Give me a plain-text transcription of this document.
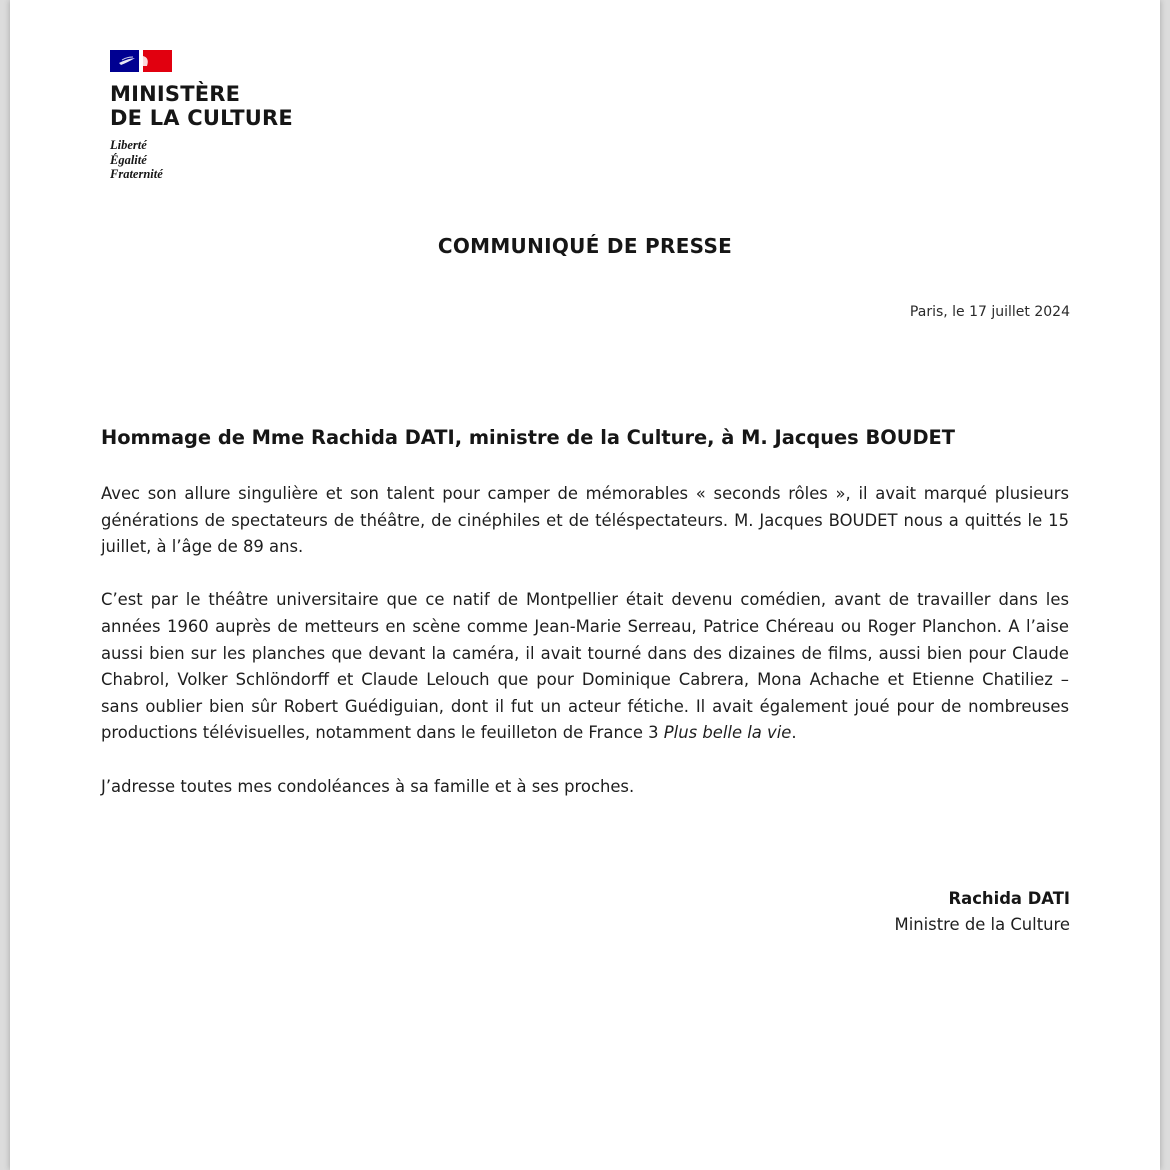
MINISTÈRE
DE LA CULTURE
Liberté
Égalité
Fraternité
COMMUNIQUÉ DE PRESSE
Paris, le 17 juillet 2024
Hommage de Mme Rachida DATI, ministre de la Culture, à M. Jacques BOUDET

Avec son allure singulière et son talent pour camper de mémorables « seconds rôles », il avait marqué plusieurs générations de spectateurs de théâtre, de cinéphiles et de téléspectateurs. M. Jacques BOUDET nous a quittés le 15 juillet, à l’âge de 89 ans.

C’est par le théâtre universitaire que ce natif de Montpellier était devenu comédien, avant de travailler dans les années 1960 auprès de metteurs en scène comme Jean-Marie Serreau, Patrice Chéreau ou Roger Planchon. A l’aise aussi bien sur les planches que devant la caméra, il avait tourné dans des dizaines de films, aussi bien pour Claude Chabrol, Volker Schlöndorff et Claude Lelouch que pour Dominique Cabrera, Mona Achache et Etienne Chatiliez – sans oublier bien sûr Robert Guédiguian, dont il fut un acteur fétiche. Il avait également joué pour de nombreuses productions télévisuelles, notamment dans le feuilleton de France 3 Plus belle la vie.

J’adresse toutes mes condoléances à sa famille et à ses proches.

Rachida DATI
Ministre de la Culture
